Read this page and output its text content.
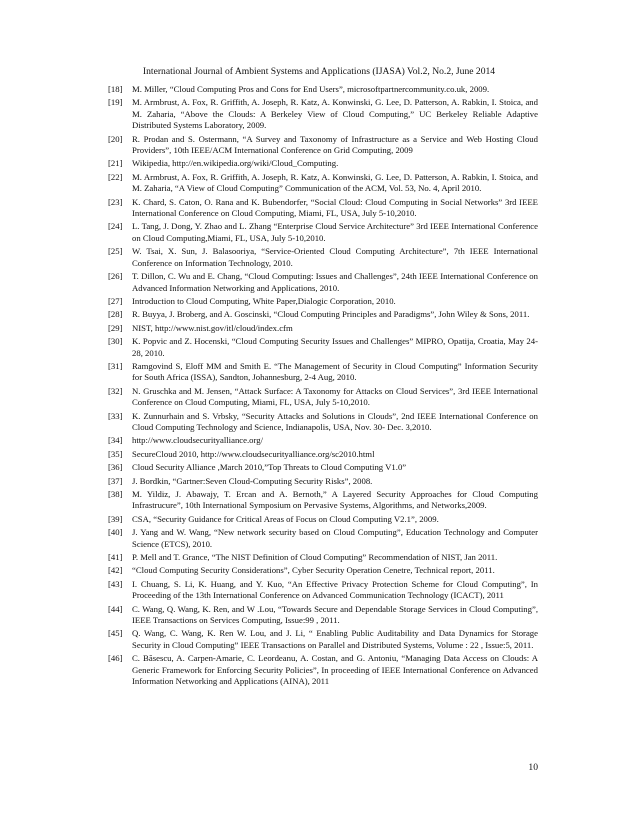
International Journal of Ambient Systems and Applications (IJASA) Vol.2, No.2, June 2014
[18]	M. Miller, “Cloud Computing Pros and Cons for End Users”, microsoftpartnercommunity.co.uk, 2009.
[19]	M. Armbrust, A. Fox, R. Griffith, A. Joseph, R. Katz, A. Konwinski, G. Lee, D. Patterson, A. Rabkin, I. Stoica, and M. Zaharia, “Above the Clouds: A Berkeley View of Cloud Computing,” UC Berkeley Reliable Adaptive Distributed Systems Laboratory, 2009.
[20]	R. Prodan and S. Ostermann, “A Survey and Taxonomy of Infrastructure as a Service and Web Hosting Cloud Providers”, 10th IEEE/ACM International Conference on Grid Computing, 2009
[21]	Wikipedia, http://en.wikipedia.org/wiki/Cloud_Computing.
[22]	M. Armbrust, A. Fox, R. Griffith, A. Joseph, R. Katz, A. Konwinski, G. Lee, D. Patterson, A. Rabkin, I. Stoica, and M. Zaharia, “A View of Cloud Computing” Communication of the ACM, Vol. 53, No. 4, April 2010.
[23]	K. Chard, S. Caton, O. Rana and K. Bubendorfer, “Social Cloud: Cloud Computing in Social Networks” 3rd IEEE International Conference on Cloud Computing, Miami, FL, USA, July 5-10,2010.
[24]	L. Tang, J. Dong, Y. Zhao and L. Zhang “Enterprise Cloud Service Architecture” 3rd IEEE International Conference on Cloud Computing,Miami, FL, USA, July 5-10,2010.
[25]	W. Tsai, X. Sun, J. Balasooriya, “Service-Oriented Cloud Computing Architecture”, 7th IEEE International Conference on Information Technology, 2010.
[26]	T. Dillon, C. Wu and E. Chang, “Cloud Computing: Issues and Challenges”, 24th IEEE International Conference on Advanced Information Networking and Applications, 2010.
[27]	Introduction to Cloud Computing, White Paper,Dialogic Corporation, 2010.
[28]	R. Buyya, J. Broberg, and A. Goscinski, “Cloud Computing Principles and Paradigms”, John Wiley & Sons, 2011.
[29]	NIST, http://www.nist.gov/itl/cloud/index.cfm
[30]	K. Popvic and Z. Hocenski, “Cloud Computing Security Issues and Challenges” MIPRO, Opatija, Croatia, May 24-28, 2010.
[31]	Ramgovind S, Eloff MM and Smith E. “The Management of Security in Cloud Computing” Information Security for South Africa (ISSA), Sandton, Johannesburg, 2-4 Aug, 2010.
[32]	N. Gruschka and M. Jensen, “Attack Surface: A Taxonomy for Attacks on Cloud Services”, 3rd IEEE International Conference on Cloud Computing, Miami, FL, USA, July 5-10,2010.
[33]	K. Zunnurhain and S. Vrbsky, “Security Attacks and Solutions in Clouds”, 2nd IEEE International Conference on Cloud Computing Technology and Science, Indianapolis, USA, Nov. 30- Dec. 3,2010.
[34]	http://www.cloudsecurityalliance.org/
[35]	SecureCloud 2010, http://www.cloudsecurityalliance.org/sc2010.html
[36]	Cloud Security Alliance ,March 2010,”Top Threats to Cloud Computing V1.0”
[37]	J. Bordkin, “Gartner:Seven Cloud-Computing Security Risks”, 2008.
[38]	M. Yildiz, J. Abawajy, T. Ercan and A. Bernoth,” A Layered Security Approaches for Cloud Computing Infrastrucure”, 10th International Symposium on Pervasive Systems, Algorithms, and Networks,2009.
[39]	CSA, “Security Guidance for Critical Areas of Focus on Cloud Computing V2.1”, 2009.
[40]	J. Yang and W. Wang, “New network security based on Cloud Computing”, Education Technology and Computer Science (ETCS), 2010.
[41]	P. Mell and T. Grance, “The NIST Definition of Cloud Computing” Recommendation of NIST, Jan 2011.
[42]	“Cloud Computing Security Considerations”, Cyber Security Operation Cenetre, Technical report, 2011.
[43]	I. Chuang, S. Li, K. Huang, and Y. Kuo, “An Effective Privacy Protection Scheme for Cloud Computing”, In Proceeding of the 13th International Conference on Advanced Communication Technology (ICACT), 2011
[44]	C. Wang, Q. Wang, K. Ren, and W .Lou, “Towards Secure and Dependable Storage Services in Cloud Computing”, IEEE Transactions on Services Computing, Issue:99 , 2011.
[45]	Q. Wang, C. Wang, K. Ren W. Lou, and J. Li, “ Enabling Public Auditability and Data Dynamics for Storage Security in Cloud Computing” IEEE Transactions on Parallel and Distributed Systems, Volume : 22 , Issue:5, 2011.
[46]	C. Băsescu, A. Carpen-Amarie, C. Leordeanu, A. Costan, and G. Antoniu, “Managing Data Access on Clouds: A Generic Framework for Enforcing Security Policies”, In proceeding of IEEE International Conference on Advanced Information Networking and Applications (AINA), 2011
10
